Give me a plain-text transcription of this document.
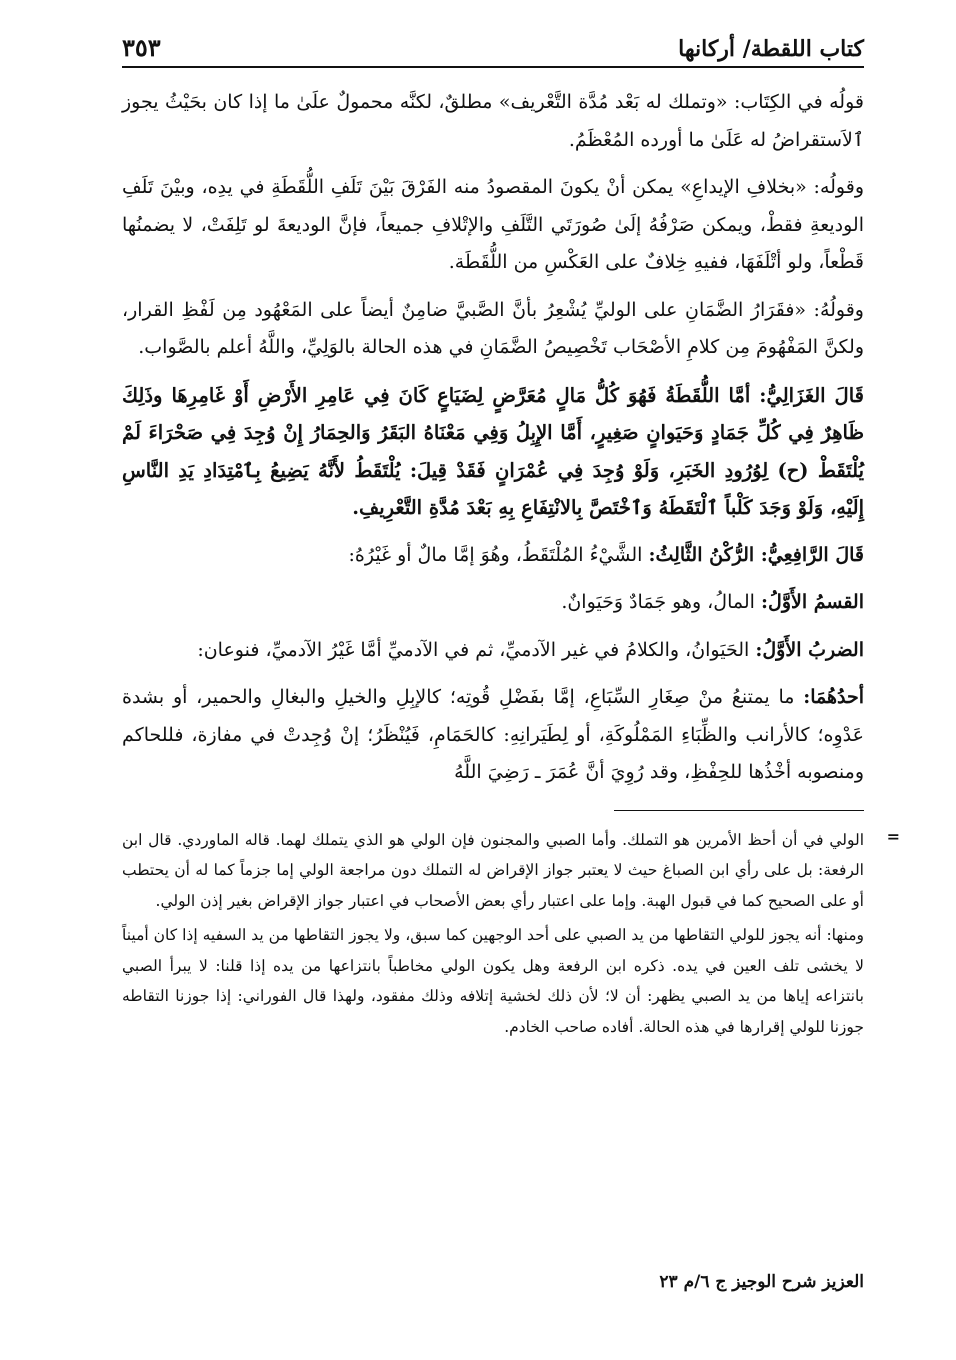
كتاب اللقطة/ أركانها
٣٥٣

قولُه في الكِتَاب: «وتملك له بَعْد مُدَّة التَّعْريف» مطلقٌ، لكنَّه محمولٌ علَىٰ ما إذا كان بحَيْثُ يجوز ٱلاَستقراضُ له عَلَىٰ ما أورده المُعْظَمُ.

وقولُه: «بخلافِ الإيداعِ» يمكن أنْ يكونَ المقصودُ منه الفَرْقَ بَيْنَ تَلَفِ اللُّقَطَةِ في يدِه، وبيْنَ تَلَفِ الوديعةِ فقطْ، ويمكن صَرْفُهُ إلَىٰ صُورَتَي التَّلَفِ والإتْلافِ جميعاً، فإنَّ الوديعةَ لو تَلِفَتْ، لا يضمنُها قَطْعاً، ولو أتْلَفَهَا، ففيهِ خِلافٌ على العَكْسِ من اللُّقَطَة.

وقولُهُ: «فقَرَارُ الضَّمَانِ على الوليِّ يُشْعِرُ بأنَّ الصَّبيَّ ضامِنٌ أيضاً على المَعْهُود مِن لَفْظِ القرار، ولكنَّ المَفْهُومَ مِن كلامِ الأصْحَاب تَخْصِيصُ الضَّمَانِ في هذه الحالة بالوَلِيِّ، واللَّهُ أعلم بالصَّواب.

قَالَ الغَزَالِيُّ: أمَّا اللُّقَطَةُ فَهُوَ كُلُّ مَالٍ مُعَرَّضٍ لِضَيَاعٍ كَانَ فِي عَامِرِ الأَرْضِ أَوْ غَامِرِهَا وذَلِكَ ظَاهِرٌ فِي كُلِّ جَمَادٍ وَحَيَوانٍ صَغِيرٍ، أَمَّا الإِبِلُ وَفِي مَعْنَاهُ البَقَرُ وَالحِمَارُ إِنْ وُجِدَ فِي صَحْرَاءَ لَمْ يُلْتَقَطْ (ح) لِوُرُودِ الخَبَرِ، وَلَوْ وُجِدَ فِي عُمْرَانٍ فَقَدْ قِيلَ: يُلْتَقَطُ لأَنَّهُ يَضِيعُ بِٱمْتِدَادِ يَدِ النَّاسِ إِلَيْهِ، وَلَوْ وَجَدَ كَلْباً ٱلْتَقَطَهُ وَٱخْتَصَّ بِالانْتِفَاعِ بِهِ بَعْدَ مُدَّةِ التَّعْرِيفِ.

قَالَ الرَّافِعِيُّ: الرُّكْنُ الثَّالِثُ: الشَّيْءُ المُلْتَقَطُ، وهُوَ إمَّا مالٌ أو غَيْرُهُ:

القسمُ الأَوَّلُ: المالُ، وهو جَمَادٌ وَحَيَوانٌ.

الضربُ الأَوَّلُ: الحَيَوانُ، والكلامُ في غير الآدميِّ، ثم في الآدميِّ أمَّا غَيْرُ الآدميِّ، فنوعان:

أحدُهُمَا: ما يمتنعُ منْ صِغَارِ السِّبَاعِ، إمَّا بفَضْلِ قُوتِه؛ كالإبِلِ والخيلِ والبغالِ والحمير، أو بشدة عَدْوِه؛ كالأرانب والظِّبَاءِ المَمْلُوكَةِ، أو لِطَيَرانِهِ: كالحَمَامِ، فَيُنْظَرُ؛ إنْ وُجِدتْ في مفازة، فللحاكم ومنصوبه أخْذُها للحِفْظِ، وقد رُوِيَ أنَّ عُمَرَ ـ رَضِيَ اللَّهُ

=

الولي في أن أحظ الأمرين هو التملك. وأما الصبي والمجنون فإن الولي هو الذي يتملك لهما. قاله الماوردي. قال ابن الرفعة: بل على رأي ابن الصباغ حيث لا يعتبر جواز الإقراض له التملك دون مراجعة الولي إما جزماً كما له أن يحتطب أو على الصحيح كما في قبول الهبة. وإما على اعتبار رأي بعض الأصحاب في اعتبار جواز الإقراض بغير إذن الولي.

ومنها: أنه يجوز للولي التقاطها من يد الصبي على أحد الوجهين كما سبق، ولا يجوز التقاطها من يد السفيه إذا كان أميناً لا يخشى تلف العين في يده. ذكره ابن الرفعة وهل يكون الولي مخاطباً بانتزاعها من يده إذا قلنا: لا يبرأ الصبي بانتزاعه إياها من يد الصبي يظهر: أن لا؛ لأن ذلك لخشية إتلافه وذلك مفقود، ولهذا قال الفوراني: إذا جوزنا التقاطه جوزنا للولي إقرارها في هذه الحالة. أفاده صاحب الخادم.

العزيز شرح الوجيز ج ٦/م ٢٣
